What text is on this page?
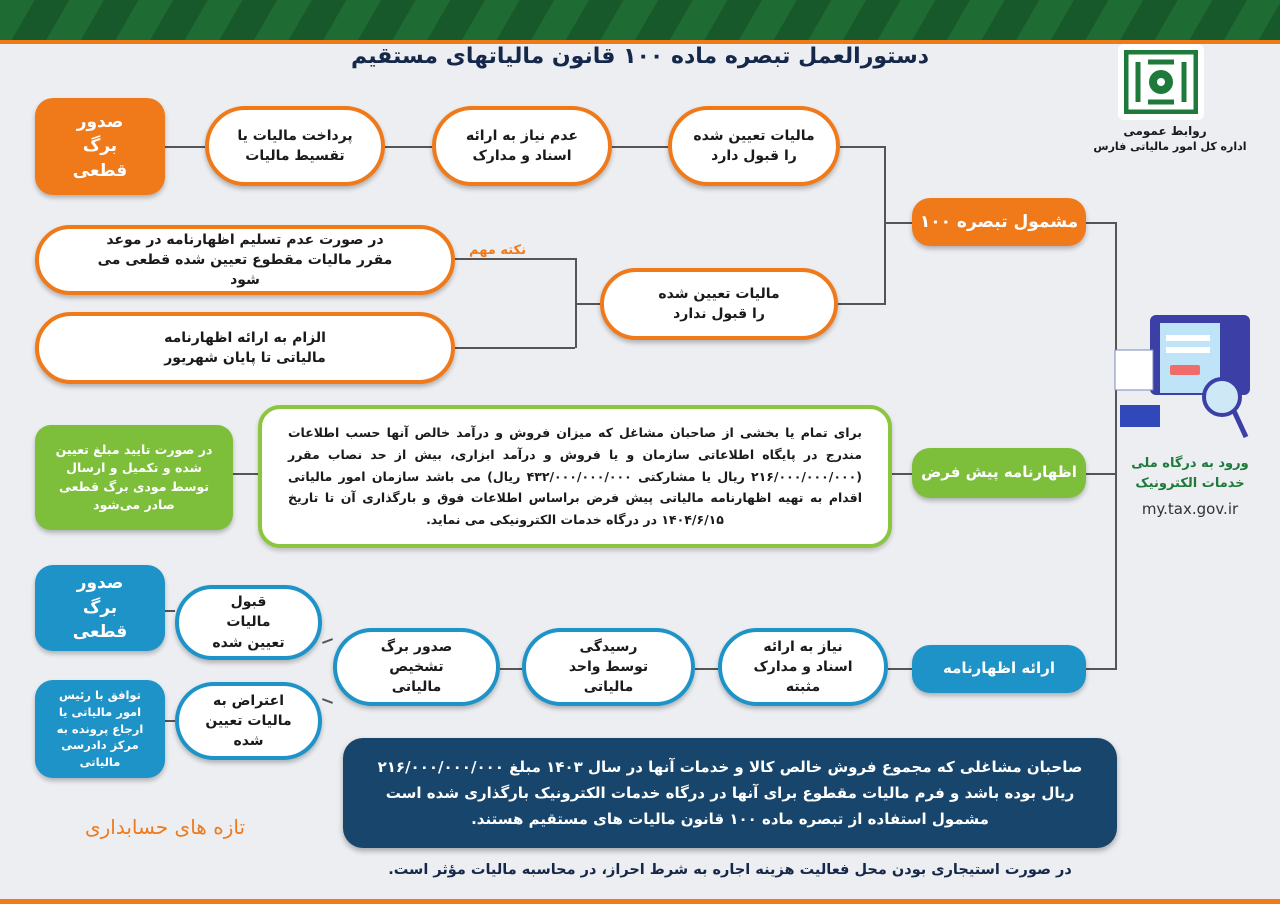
دستورالعمل تبصره ماده ۱۰۰ قانون مالیاتهای مستقیم
روابط عمومی
اداره کل امور مالیاتی فارس
مشمول تبصره ۱۰۰
مالیات تعیین شده را قبول دارد
عدم نیاز به ارائه اسناد و مدارک
پرداخت مالیات یا تقسیط مالیات
صدور برگ قطعی
مالیات تعیین شده را قبول ندارد
نکته مهم
در صورت عدم تسلیم اظهارنامه در موعد مقرر مالیات مقطوع تعیین شده قطعی می شود
الزام به ارائه اظهارنامه مالیاتی تا پایان شهریور
اظهارنامه پیش فرض
برای تمام یا بخشی از صاحبان مشاغل که میزان فروش و درآمد خالص آنها حسب اطلاعات مندرج در پایگاه اطلاعاتی سازمان و یا فروش و درآمد ابزاری، بیش از حد نصاب مقرر (۲۱۶/۰۰۰/۰۰۰/۰۰۰ ریال یا مشارکتی ۴۳۲/۰۰۰/۰۰۰/۰۰۰ ریال) می باشد سازمان امور مالیاتی اقدام به تهیه اظهارنامه مالیاتی پیش فرض براساس اطلاعات فوق و بارگذاری آن تا تاریخ ۱۴۰۴/۶/۱۵ در درگاه خدمات الکترونیکی می نماید.
در صورت تایید مبلغ تعیین شده و تکمیل و ارسال توسط مودی برگ قطعی صادر می‌شود
ورود به درگاه ملی
خدمات الکترونیک
my.tax.gov.ir
ارائه اظهارنامه
نیاز به ارائه اسناد و مدارک مثبته
رسیدگی توسط واحد مالیاتی
صدور برگ تشخیص مالیاتی
قبول مالیات تعیین شده
اعتراض به مالیات تعیین شده
صدور برگ قطعی
توافق با رئیس امور مالیاتی یا ارجاع پرونده به مرکز دادرسی مالیاتی	صاحبان مشاغلی که مجموع فروش خالص کالا و خدمات آنها در سال ۱۴۰۳ مبلغ ۲۱۶/۰۰۰/۰۰۰/۰۰۰ ریال بوده باشد و فرم مالیات مقطوع برای آنها در درگاه خدمات الکترونیک بارگذاری شده است مشمول استفاده از تبصره ماده ۱۰۰ قانون مالیات های مستقیم هستند.
در صورت استیجاری بودن محل فعالیت هزینه اجاره به شرط احراز، در محاسبه مالیات مؤثر است.
تازه های حسابداری
